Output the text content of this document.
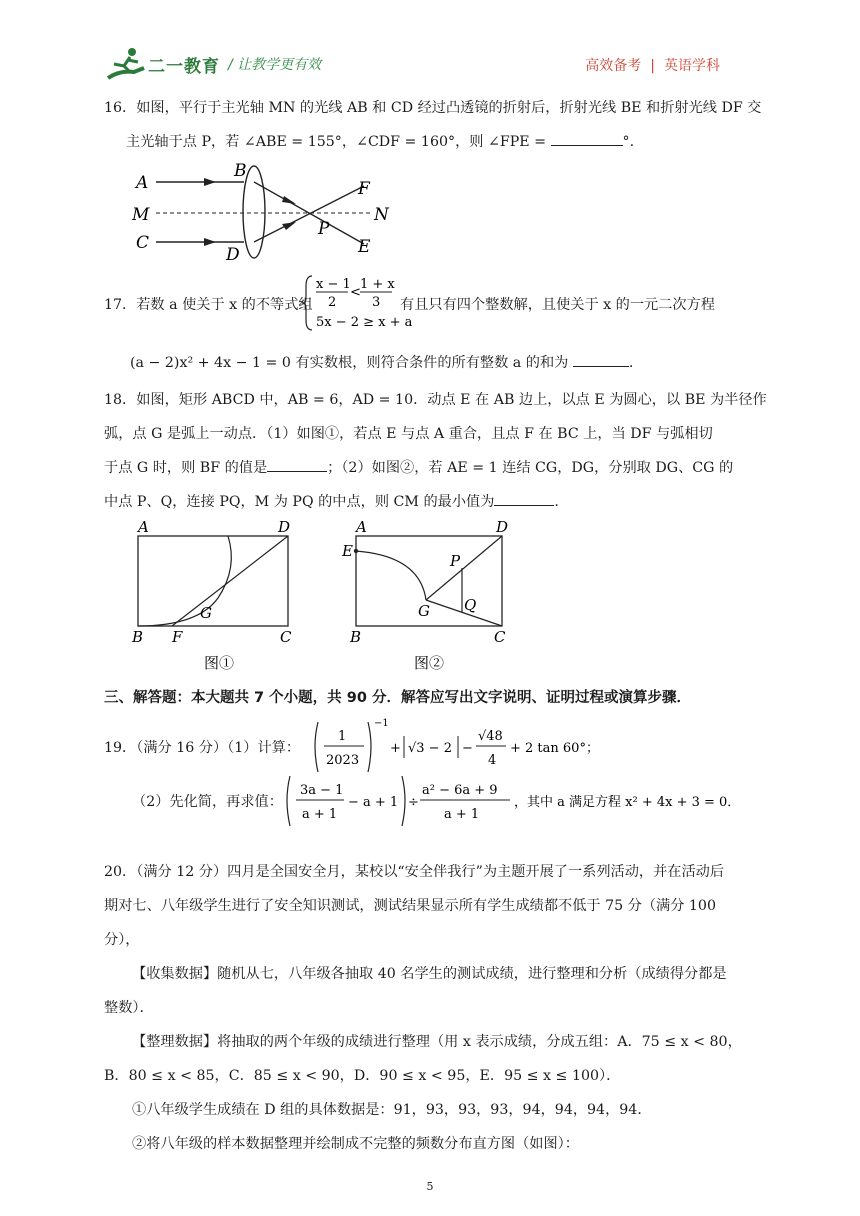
二一教育 / 让教学更有效	高效备考 | 英语学科
16．如图，平行于主光轴 MN 的光线 AB 和 CD 经过凸透镜的折射后，折射光线 BE 和折射光线 DF 交
主光轴于点 P，若 ∠ABE = 155°，∠CDF = 160°，则 ∠FPE =	°.
A
B
M
C
D
F
N
P
E
17．若数 a 使关于 x 的不等式组
x − 1
2
<
1 + x
3
5x − 2 ≥ x + a
有且只有四个整数解，且使关于 x 的一元二次方程
(a − 2)x² + 4x − 1 = 0 有实数根，则符合条件的所有整数 a 的和为	.
18．如图，矩形 ABCD 中，AB = 6，AD = 10．动点 E 在 AB 边上，以点 E 为圆心，以 BE 为半径作
弧，点 G 是弧上一动点．（1）如图①，若点 E 与点 A 重合，且点 F 在 BC 上，当 DF 与弧相切
于点 G 时，则 BF 的值是	；（2）如图②，若 AE = 1 连结 CG，DG，分别取 DG、CG 的
中点 P、Q，连接 PQ，M 为 PQ 的中点，则 CM 的最小值为	.
A	D
B F	C
G
图①
A	D
E
P
Q
G
B	C
图②
三、解答题：本大题共 7 个小题，共 90 分．解答应写出文字说明、证明过程或演算步骤．
19．（满分 16 分）（1）计算：
1
2023
−1
+ √3 − 2 −
√48
4
+ 2 tan 60°；
（2）先化简，再求值：
3a − 1
a + 1
− a + 1 ÷
a² − 6a + 9
a + 1
，其中 a 满足方程 x² + 4x + 3 = 0．
20．（满分 12 分）四月是全国安全月，某校以“安全伴我行”为主题开展了一系列活动，并在活动后
期对七、八年级学生进行了安全知识测试，测试结果显示所有学生成绩都不低于 75 分（满分 100
分），
【收集数据】随机从七，八年级各抽取 40 名学生的测试成绩，进行整理和分析（成绩得分都是
整数）．
【整理数据】将抽取的两个年级的成绩进行整理（用 x 表示成绩，分成五组：A．75 ≤ x < 80，
B．80 ≤ x < 85，C．85 ≤ x < 90，D．90 ≤ x < 95，E．95 ≤ x ≤ 100）．
①八年级学生成绩在 D 组的具体数据是：91，93，93，93，94，94，94，94．
②将八年级的样本数据整理并绘制成不完整的频数分布直方图（如图）：
5
